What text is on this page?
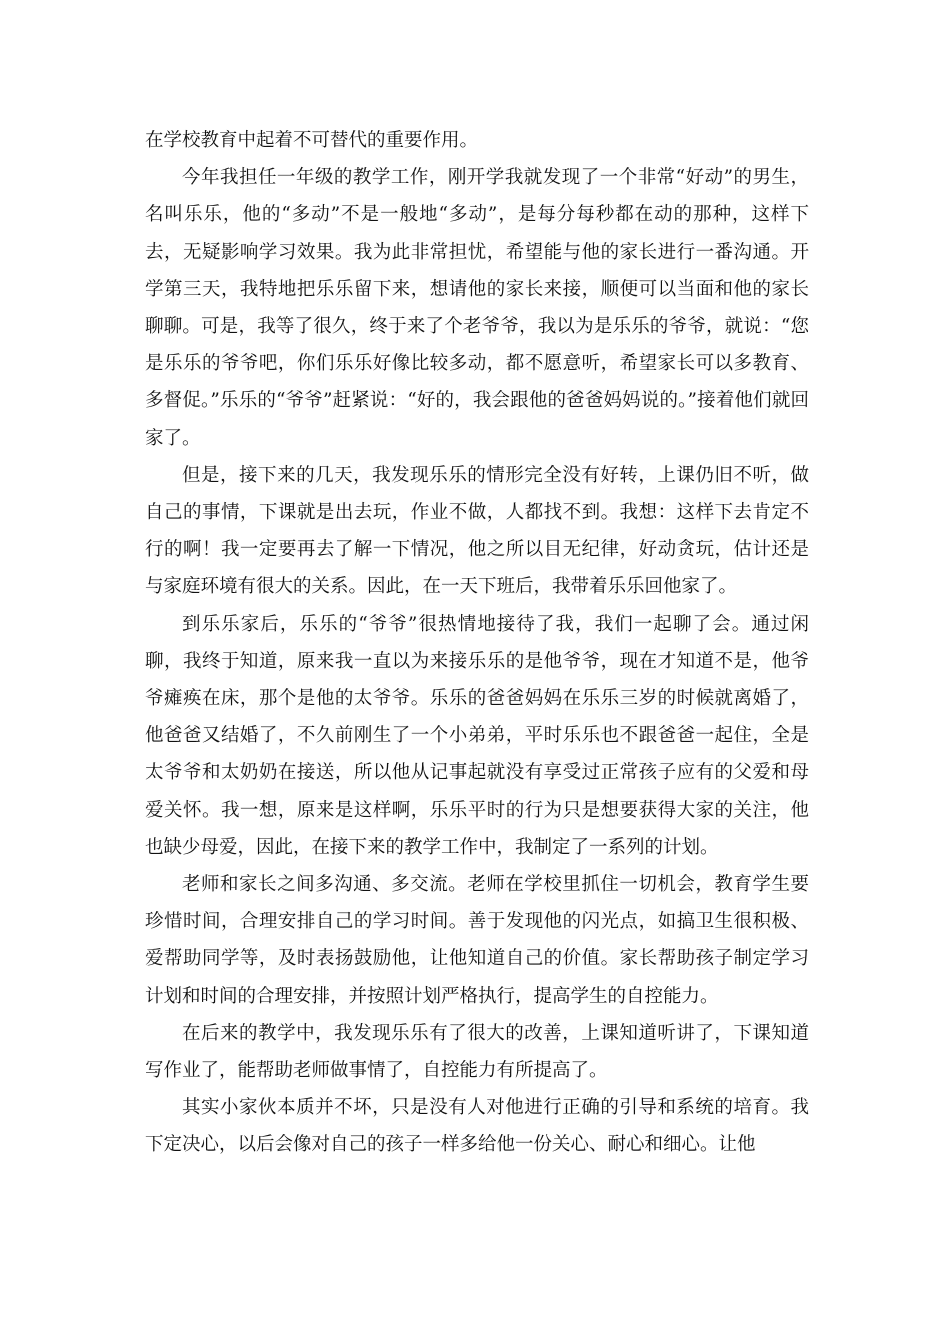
在学校教育中起着不可替代的重要作用。

今年我担任一年级的教学工作，刚开学我就发现了一个非常“好动”的男生，名叫乐乐，他的“多动”不是一般地“多动”，是每分每秒都在动的那种，这样下去，无疑影响学习效果。我为此非常担忧，希望能与他的家长进行一番沟通。开学第三天，我特地把乐乐留下来，想请他的家长来接，顺便可以当面和他的家长聊聊。可是，我等了很久，终于来了个老爷爷，我以为是乐乐的爷爷，就说：“您是乐乐的爷爷吧，你们乐乐好像比较多动，都不愿意听，希望家长可以多教育、多督促。”乐乐的“爷爷”赶紧说：“好的，我会跟他的爸爸妈妈说的。”接着他们就回家了。

但是，接下来的几天，我发现乐乐的情形完全没有好转，上课仍旧不听，做自己的事情，下课就是出去玩，作业不做，人都找不到。我想：这样下去肯定不行的啊！我一定要再去了解一下情况，他之所以目无纪律，好动贪玩，估计还是与家庭环境有很大的关系。因此，在一天下班后，我带着乐乐回他家了。

到乐乐家后，乐乐的“爷爷”很热情地接待了我，我们一起聊了会。通过闲聊，我终于知道，原来我一直以为来接乐乐的是他爷爷，现在才知道不是，他爷爷瘫痪在床，那个是他的太爷爷。乐乐的爸爸妈妈在乐乐三岁的时候就离婚了，他爸爸又结婚了，不久前刚生了一个小弟弟，平时乐乐也不跟爸爸一起住，全是太爷爷和太奶奶在接送，所以他从记事起就没有享受过正常孩子应有的父爱和母爱关怀。我一想，原来是这样啊，乐乐平时的行为只是想要获得大家的关注，他也缺少母爱，因此，在接下来的教学工作中，我制定了一系列的计划。

老师和家长之间多沟通、多交流。老师在学校里抓住一切机会，教育学生要珍惜时间，合理安排自己的学习时间。善于发现他的闪光点，如搞卫生很积极、爱帮助同学等，及时表扬鼓励他，让他知道自己的价值。家长帮助孩子制定学习计划和时间的合理安排，并按照计划严格执行，提高学生的自控能力。

在后来的教学中，我发现乐乐有了很大的改善，上课知道听讲了，下课知道写作业了，能帮助老师做事情了，自控能力有所提高了。

其实小家伙本质并不坏，只是没有人对他进行正确的引导和系统的培育。我下定决心，以后会像对自己的孩子一样多给他一份关心、耐心和细心。让他
